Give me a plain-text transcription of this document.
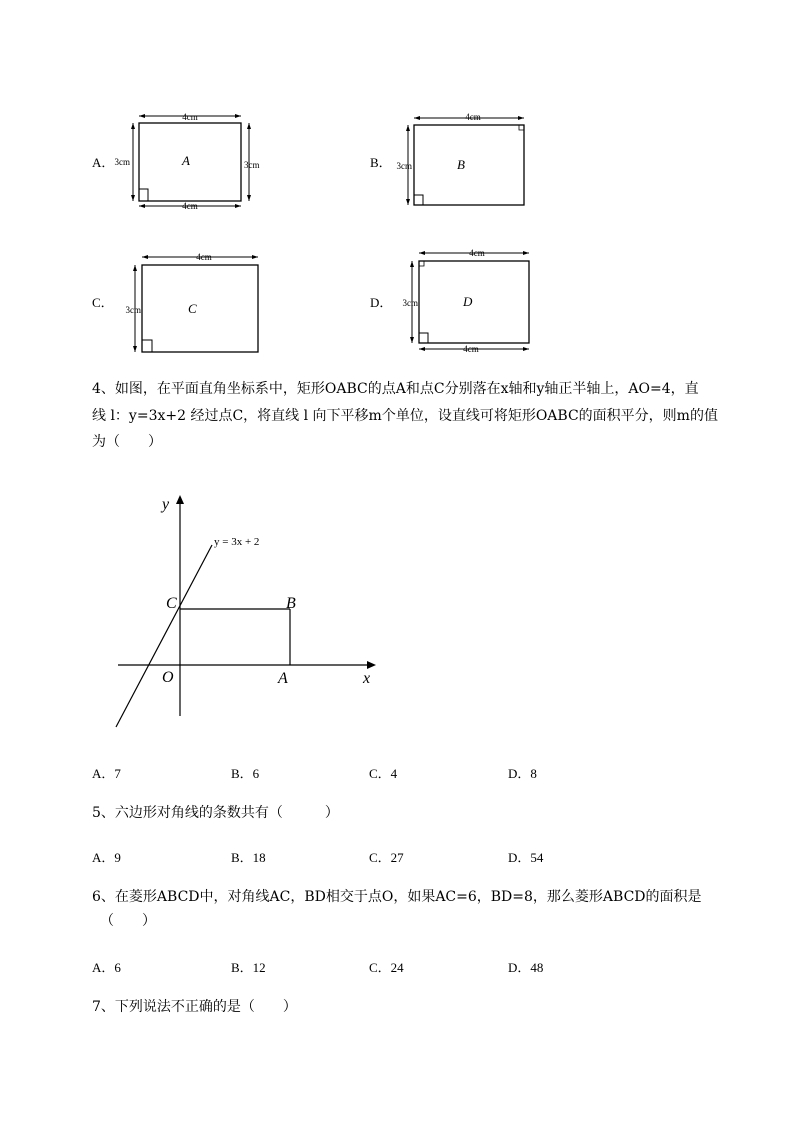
A．
4cm
4cm
3cm	3cm
A	B．
4cm
3cm	B
C．
4cm
3cm	C	D．
4cm
4cm
3cm	D
4、如图，在平面直角坐标系中，矩形OABC的点A和点C分别落在x轴和y轴正半轴上，AO=4，直
线 l：y=3x+2 经过点C，将直线 l 向下平移m个单位，设直线可将矩形OABC的面积平分，则m的值
为（　　）
y
x
O	A
B
C
y = 3x + 2
A．7	B．6	C．4	D．8
5、六边形对角线的条数共有（　　　）
A．9	B．18	C．27	D．54
6、在菱形ABCD中，对角线AC，BD相交于点O，如果AC=6，BD=8，那么菱形ABCD的面积是
（　　）
A．6	B．12	C．24	D．48
7、下列说法不正确的是（　　）
